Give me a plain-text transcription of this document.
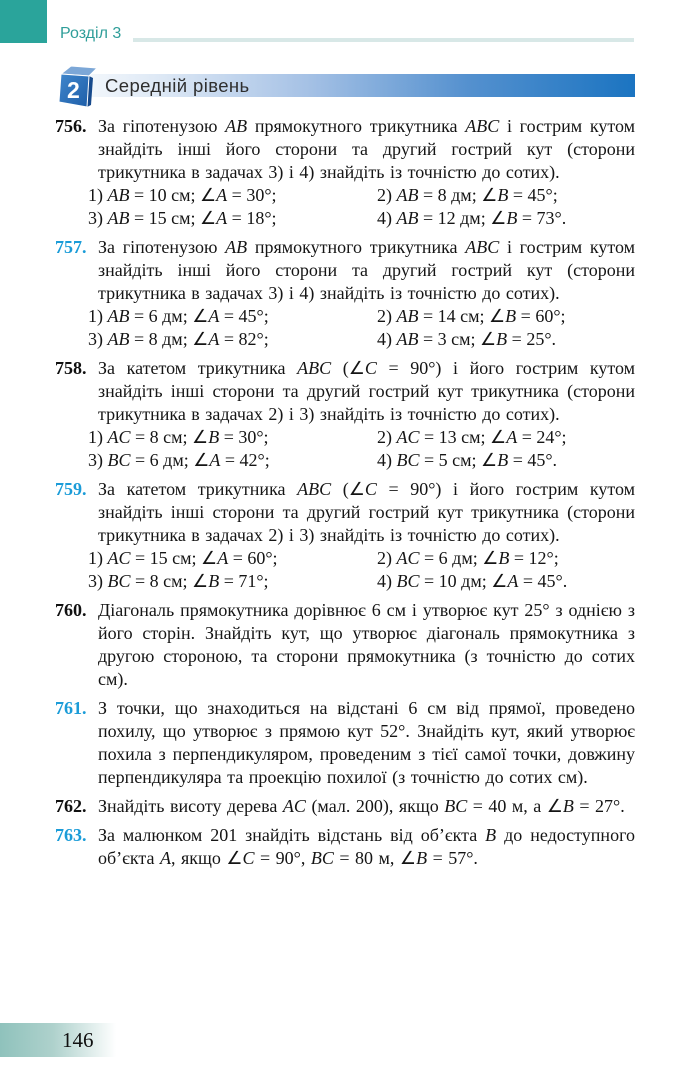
Розділ 3
2 Середній рівень
756. За гіпотенузою AB прямокутного трикутника ABC і гострим кутом знайдіть інші його сторони та другий гострий кут (сторони трикутника в задачах 3) і 4) знайдіть із точністю до сотих).
1) AB = 10 см; ∠A = 30°;	2) AB = 8 дм; ∠B = 45°;
3) AB = 15 см; ∠A = 18°;	4) AB = 12 дм; ∠B = 73°.
757. За гіпотенузою AB прямокутного трикутника ABC і гострим кутом знайдіть інші його сторони та другий гострий кут (сторони трикутника в задачах 3) і 4) знайдіть із точністю до сотих).
1) AB = 6 дм; ∠A = 45°;	2) AB = 14 см; ∠B = 60°;
3) AB = 8 дм; ∠A = 82°;	4) AB = 3 см; ∠B = 25°.
758. За катетом трикутника ABC (∠C = 90°) і його гострим кутом знайдіть інші сторони та другий гострий кут трикутника (сторони трикутника в задачах 2) і 3) знайдіть із точністю до сотих).
1) AC = 8 см; ∠B = 30°;	2) AC = 13 см; ∠A = 24°;
3) BC = 6 дм; ∠A = 42°;	4) BC = 5 см; ∠B = 45°.
759. За катетом трикутника ABC (∠C = 90°) і його гострим кутом знайдіть інші сторони та другий гострий кут трикутника (сторони трикутника в задачах 2) і 3) знайдіть із точністю до сотих).
1) AC = 15 см; ∠A = 60°;	2) AC = 6 дм; ∠B = 12°;
3) BC = 8 см; ∠B = 71°;	4) BC = 10 дм; ∠A = 45°.
760. Діагональ прямокутника дорівнює 6 см і утворює кут 25° з однією з його сторін. Знайдіть кут, що утворює діагональ прямокутника з другою стороною, та сторони прямокутника (з точністю до сотих см).
761. З точки, що знаходиться на відстані 6 см від прямої, проведено похилу, що утворює з прямою кут 52°. Знайдіть кут, який утворює похила з перпендикуляром, проведеним з тієї самої точки, довжину перпендикуляра та проекцію похилої (з точністю до сотих см).
762. Знайдіть висоту дерева AC (мал. 200), якщо BC = 40 м, а ∠B = 27°.
763. За малюнком 201 знайдіть відстань від об’єкта B до недоступного об’єкта A, якщо ∠C = 90°, BC = 80 м, ∠B = 57°.
146
